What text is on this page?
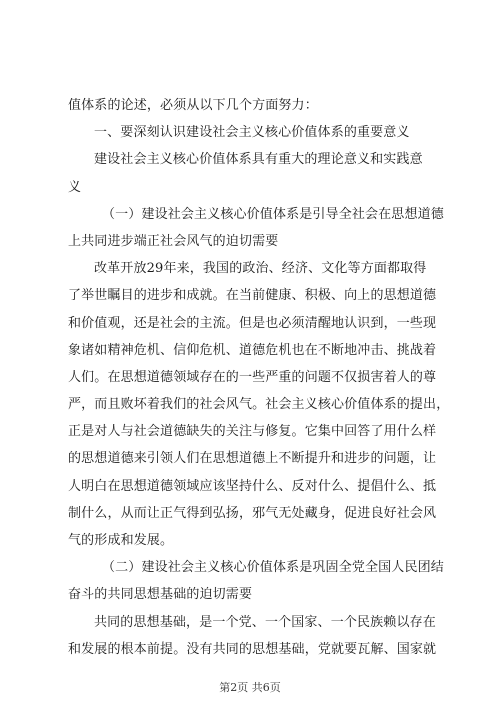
值体系的论述，必须从以下几个方面努力：
一、要深刻认识建设社会主义核心价值体系的重要意义
建设社会主义核心价值体系具有重大的理论意义和实践意
义
（一）建设社会主义核心价值体系是引导全社会在思想道德
上共同进步端正社会风气的迫切需要
改革开放29年来，我国的政治、经济、文化等方面都取得
了举世瞩目的进步和成就。在当前健康、积极、向上的思想道德
和价值观，还是社会的主流。但是也必须清醒地认识到，一些现
象诸如精神危机、信仰危机、道德危机也在不断地冲击、挑战着
人们。在思想道德领域存在的一些严重的问题不仅损害着人的尊
严，而且败坏着我们的社会风气。社会主义核心价值体系的提出，
正是对人与社会道德缺失的关注与修复。它集中回答了用什么样
的思想道德来引领人们在思想道德上不断提升和进步的问题，让
人明白在思想道德领域应该坚持什么、反对什么、提倡什么、抵
制什么，从而让正气得到弘扬，邪气无处藏身，促进良好社会风
气的形成和发展。
（二）建设社会主义核心价值体系是巩固全党全国人民团结
奋斗的共同思想基础的迫切需要
共同的思想基础，是一个党、一个国家、一个民族赖以存在
和发展的根本前提。没有共同的思想基础，党就要瓦解、国家就
第2页 共6页
